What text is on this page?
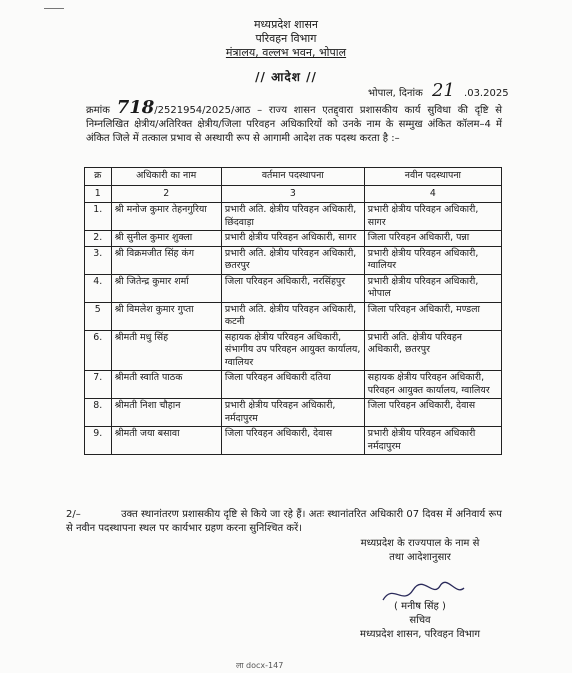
मध्यप्रदेश शासन
परिवहन विभाग
मंत्रालय, वल्लभ भवन, भोपाल
// आदेश //
भोपाल, दिनांक 21 .03.2025
क्रमांक 718/2521954/2025/आठ – राज्य शासन एतद्द्वारा प्रशासकीय कार्य सुविधा की दृष्टि से निम्नलिखित क्षेत्रीय/अतिरिक्त क्षेत्रीय/जिला परिवहन अधिकारियों को उनके नाम के सम्मुख अंकित कॉलम–4 में अंकित जिले में तत्काल प्रभाव से अस्थायी रूप से आगामी आदेश तक पदस्थ करता है :–
क्र	अधिकारी का नाम	वर्तमान पदस्थापना	नवीन पदस्थापना
1	2	3	4
1.	श्री मनोज कुमार तेहनगुरिया	प्रभारी अति. क्षेत्रीय परिवहन अधिकारी, छिंदवाड़ा	प्रभारी क्षेत्रीय परिवहन अधिकारी, सागर
2.	श्री सुनील कुमार शुक्ला	प्रभारी क्षेत्रीय परिवहन अधिकारी, सागर	जिला परिवहन अधिकारी, पन्ना
3.	श्री विक्रमजीत सिंह कंग	प्रभारी अति. क्षेत्रीय परिवहन अधिकारी, छतरपुर	प्रभारी क्षेत्रीय परिवहन अधिकारी, ग्वालियर
4.	श्री जितेन्द्र कुमार शर्मा	जिला परिवहन अधिकारी, नरसिंहपुर	प्रभारी क्षेत्रीय परिवहन अधिकारी, भोपाल
5	श्री विमलेश कुमार गुप्ता	प्रभारी अति. क्षेत्रीय परिवहन अधिकारी, कटनी	जिला परिवहन अधिकारी, मण्डला
6.	श्रीमती मधु सिंह	सहायक क्षेत्रीय परिवहन अधिकारी, संभागीय उप परिवहन आयुक्त कार्यालय, ग्वालियर	प्रभारी अति. क्षेत्रीय परिवहन अधिकारी, छतरपुर
7.	श्रीमती स्वाति पाठक	जिला परिवहन अधिकारी दतिया	सहायक क्षेत्रीय परिवहन अधिकारी, परिवहन आयुक्त कार्यालय, ग्वालियर
8.	श्रीमती निशा चौहान	प्रभारी क्षेत्रीय परिवहन अधिकारी, नर्मदापुरम	जिला परिवहन अधिकारी, देवास
9.	श्रीमती जया बसावा	जिला परिवहन अधिकारी, देवास	प्रभारी क्षेत्रीय परिवहन अधिकारी नर्मदापुरम
2/–	उक्त स्थानांतरण प्रशासकीय दृष्टि से किये जा रहे हैं। अतः स्थानांतरित अधिकारी 07 दिवस में अनिवार्य रूप से नवीन पदस्थापना स्थल पर कार्यभार ग्रहण करना सुनिश्चित करें।
मध्यप्रदेश के राज्यपाल के नाम से
तथा आदेशानुसार
( मनीष सिंह )
सचिव
मध्यप्रदेश शासन, परिवहन विभाग
ला docx-147
